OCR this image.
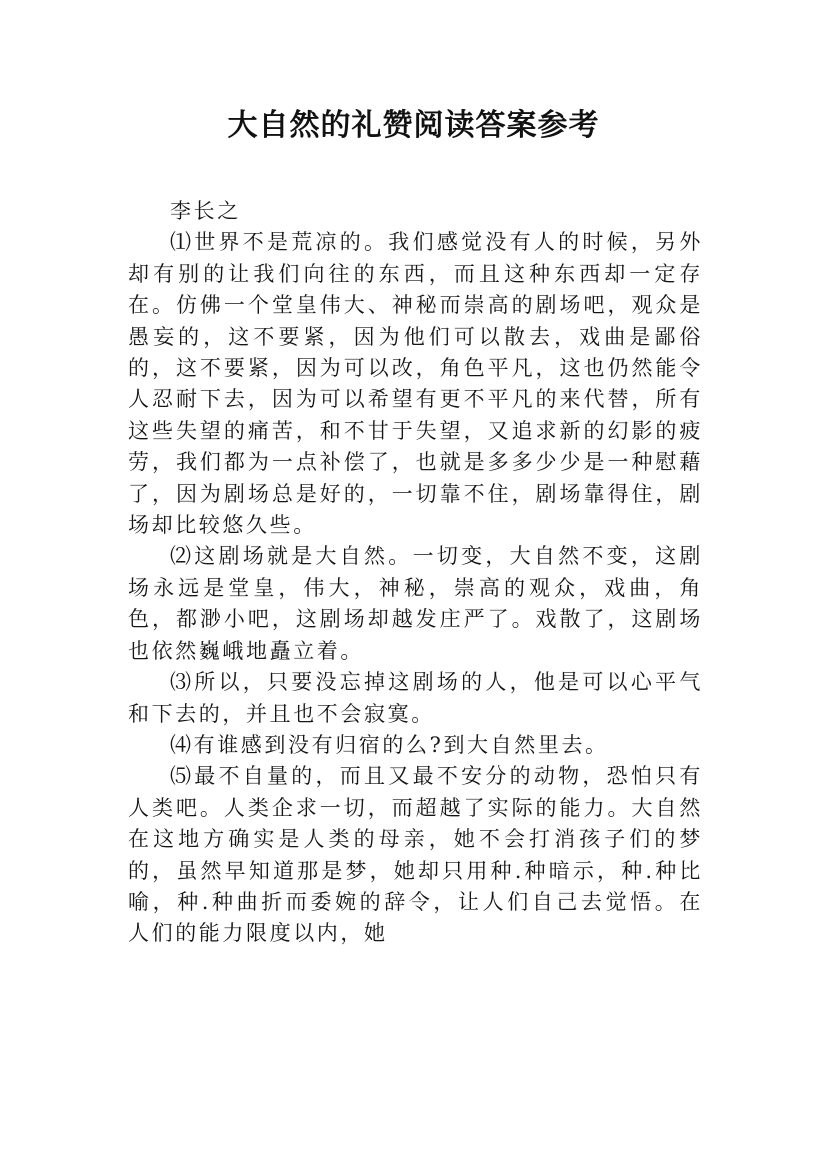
大自然的礼赞阅读答案参考

李长之

⑴世界不是荒凉的。我们感觉没有人的时候，另外却有别的让我们向往的东西，而且这种东西却一定存在。仿佛一个堂皇伟大、神秘而崇高的剧场吧，观众是愚妄的，这不要紧，因为他们可以散去，戏曲是鄙俗的，这不要紧，因为可以改，角色平凡，这也仍然能令人忍耐下去，因为可以希望有更不平凡的来代替，所有这些失望的痛苦，和不甘于失望，又追求新的幻影的疲劳，我们都为一点补偿了，也就是多多少少是一种慰藉了，因为剧场总是好的，一切靠不住，剧场靠得住，剧场却比较悠久些。

⑵这剧场就是大自然。一切变，大自然不变，这剧场永远是堂皇，伟大，神秘，崇高的观众，戏曲，角色，都渺小吧，这剧场却越发庄严了。戏散了，这剧场也依然巍峨地矗立着。

⑶所以，只要没忘掉这剧场的人，他是可以心平气和下去的，并且也不会寂寞。

⑷有谁感到没有归宿的么?到大自然里去。

⑸最不自量的，而且又最不安分的动物，恐怕只有人类吧。人类企求一切，而超越了实际的能力。大自然在这地方确实是人类的母亲，她不会打消孩子们的梦的，虽然早知道那是梦，她却只用种.种暗示，种.种比喻，种.种曲折而委婉的辞令，让人们自己去觉悟。在人们的能力限度以内，她
